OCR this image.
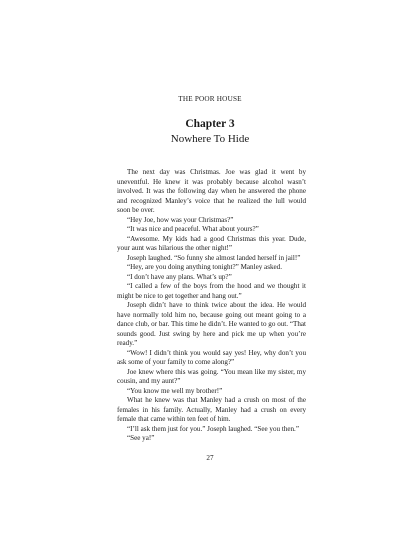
THE POOR HOUSE
Chapter 3
Nowhere To Hide

The next day was Christmas. Joe was glad it went by uneventful. He knew it was probably because alcohol wasn’t involved. It was the following day when he answered the phone and recognized Manley’s voice that he realized the lull would soon be over.

“Hey Joe, how was your Christmas?”

“It was nice and peaceful. What about yours?”

“Awesome. My kids had a good Christmas this year. Dude, your aunt was hilarious the other night!”

Joseph laughed. “So funny she almost landed herself in jail!”

“Hey, are you doing anything tonight?” Manley asked.

“I don’t have any plans. What’s up?”

“I called a few of the boys from the hood and we thought it might be nice to get together and hang out.”

Joseph didn’t have to think twice about the idea. He would have normally told him no, because going out meant going to a dance club, or bar. This time he didn’t. He wanted to go out. “That sounds good. Just swing by here and pick me up when you’re ready.”

“Wow! I didn’t think you would say yes! Hey, why don’t you ask some of your family to come along?”

Joe knew where this was going. “You mean like my sister, my cousin, and my aunt?”

“You know me well my brother!”

What he knew was that Manley had a crush on most of the females in his family. Actually, Manley had a crush on every female that came within ten feet of him.

“I’ll ask them just for you.” Joseph laughed. “See you then.”

“See ya!”

27
